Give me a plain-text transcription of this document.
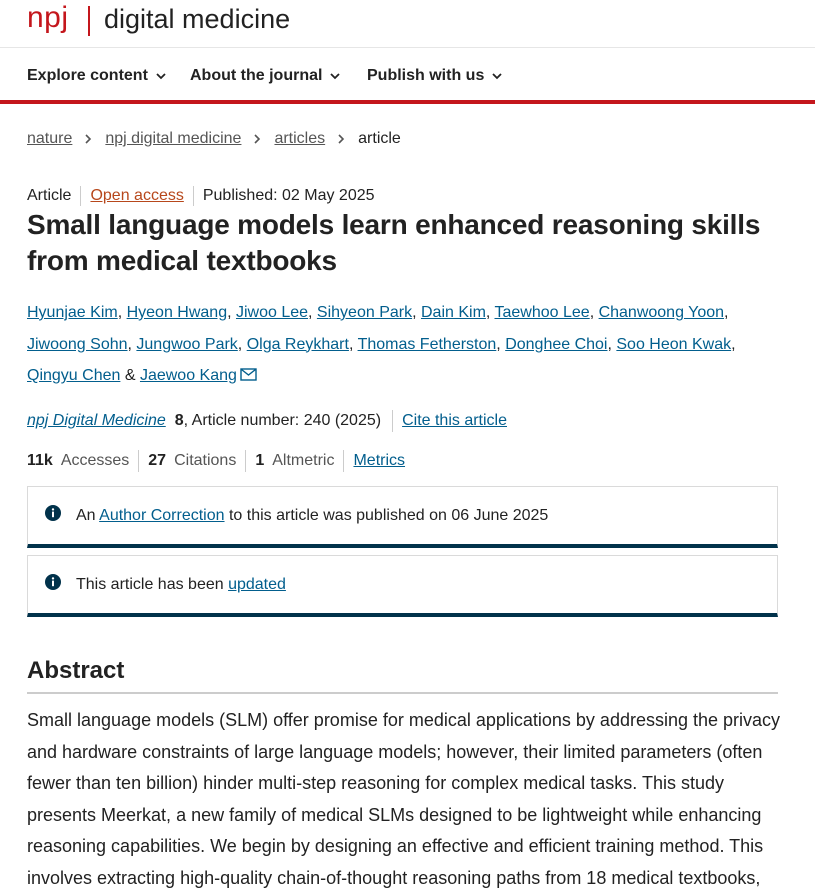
npj digital medicine
Explore content	About the journal	Publish with us
nature npj digital medicine articles article
Article Open access Published: 02 May 2025
Small language models learn enhanced reasoning skills from medical textbooks
Hyunjae Kim, Hyeon Hwang, Jiwoo Lee, Sihyeon Park, Dain Kim, Taewhoo Lee, Chanwoong Yoon, Jiwoong Sohn, Jungwoo Park, Olga Reykhart, Thomas Fetherston, Donghee Choi, Soo Heon Kwak, Qingyu Chen & Jaewoo Kang
npj Digital Medicine 8 , Article number: 240 (2025) Cite this article
11k Accesses 27 Citations 1 Altmetric Metrics
An Author Correction to this article was published on 06 June 2025
This article has been updated
Abstract

Small language models (SLM) offer promise for medical applications by addressing the privacy and hardware constraints of large language models; however, their limited parameters (often fewer than ten billion) hinder multi-step reasoning for complex medical tasks. This study presents Meerkat, a new family of medical SLMs designed to be lightweight while enhancing reasoning capabilities. We begin by designing an effective and efficient training method. This involves extracting high-quality chain-of-thought reasoning paths from 18 medical textbooks,
